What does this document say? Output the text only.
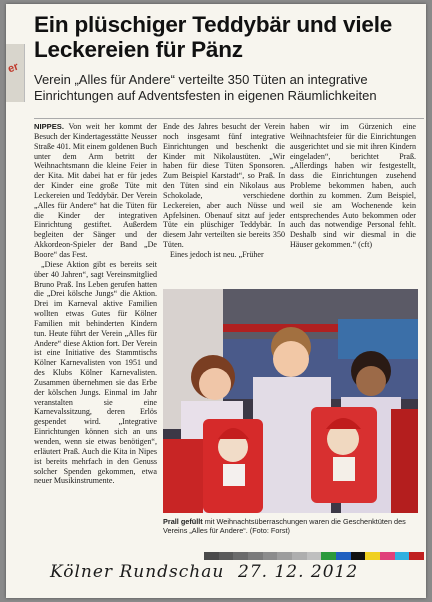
er
Ein plüschiger Teddybär und viele Leckereien für Pänz
Verein „Alles für Andere“ verteilte 350 Tüten an integrative Einrichtungen auf Adventsfesten in eigenen Räumlichkeiten

NIPPES. Von weit her kommt der Besuch der Kindertagesstätte Neusser Straße 401. Mit einem goldenen Buch unter dem Arm betritt der Weihnachtsmann die kleine Feier in der Kita. Mit dabei hat er für jedes der Kinder eine große Tüte mit Leckereien und Teddybär. Der Verein „Alles für Andere“ hat die Tüten für die Kinder der integrativen Einrichtung gestiftet. Außerdem begleiten der Sänger und der Akkordeon-Spieler der Band „De Boore“ das Fest.

„Diese Aktion gibt es bereits seit über 40 Jahren“, sagt Vereinsmitglied Bruno Praß. Ins Leben gerufen hatten die „Drei kölsche Jungs“ die Aktion. Drei im Karneval aktive Familien wollten etwas Gutes für Kölner Familien mit behinderten Kindern tun. Heute führt der Verein „Alles für Andere“ diese Aktion fort. Der Verein ist eine Initiative des Stammtischs Kölner Karnevalisten von 1951 und des Klubs Kölner Karnevalisten. Zusammen übernehmen sie das Erbe der kölschen Jungs. Einmal im Jahr veranstalten sie eine Karnevalssitzung, deren Erlös gespendet wird. „Integrative Einrichtungen können sich an uns wenden, wenn sie etwas benötigen“, erläutert Praß. Auch die Kita in Nipes ist bereits mehrfach in den Genuss solcher Spenden gekommen, etwa neuer Musikinstrumente.

Ende des Jahres besucht der Verein noch insgesamt fünf integrative Einrichtungen und beschenkt die Kinder mit Nikolaustüten. „Wir haben für diese Tüten Sponsoren. Zum Beispiel Karstadt“, so Praß. In den Tüten sind ein Nikolaus aus Schokolade, verschiedene Leckereien, aber auch Nüsse und Apfelsinen. Obenauf sitzt auf jeder Tüte ein plüschiger Teddybär. In diesem Jahr verteilten sie bereits 350 Tüten.

Eines jedoch ist neu. „Früher

haben wir im Gürzenich eine Weihnachtsfeier für die Einrichtungen ausgerichtet und sie mit ihren Kindern eingeladen“, berichtet Praß. „Allerdings haben wir festgestellt, dass die Einrichtungen zusehend Probleme bekommen haben, auch dorthin zu kommen. Zum Beispiel, weil sie am Wochenende kein entsprechendes Auto bekommen oder auch das notwendige Personal fehlt. Deshalb sind wir diesmal in die Häuser gekommen.“ (cft)

Prall gefüllt mit Weihnachtsüberraschungen waren die Geschenktüten des Vereins „Alles für Andere“. (Foto: Forst)
Kölner Rundschau 27. 12. 2012
